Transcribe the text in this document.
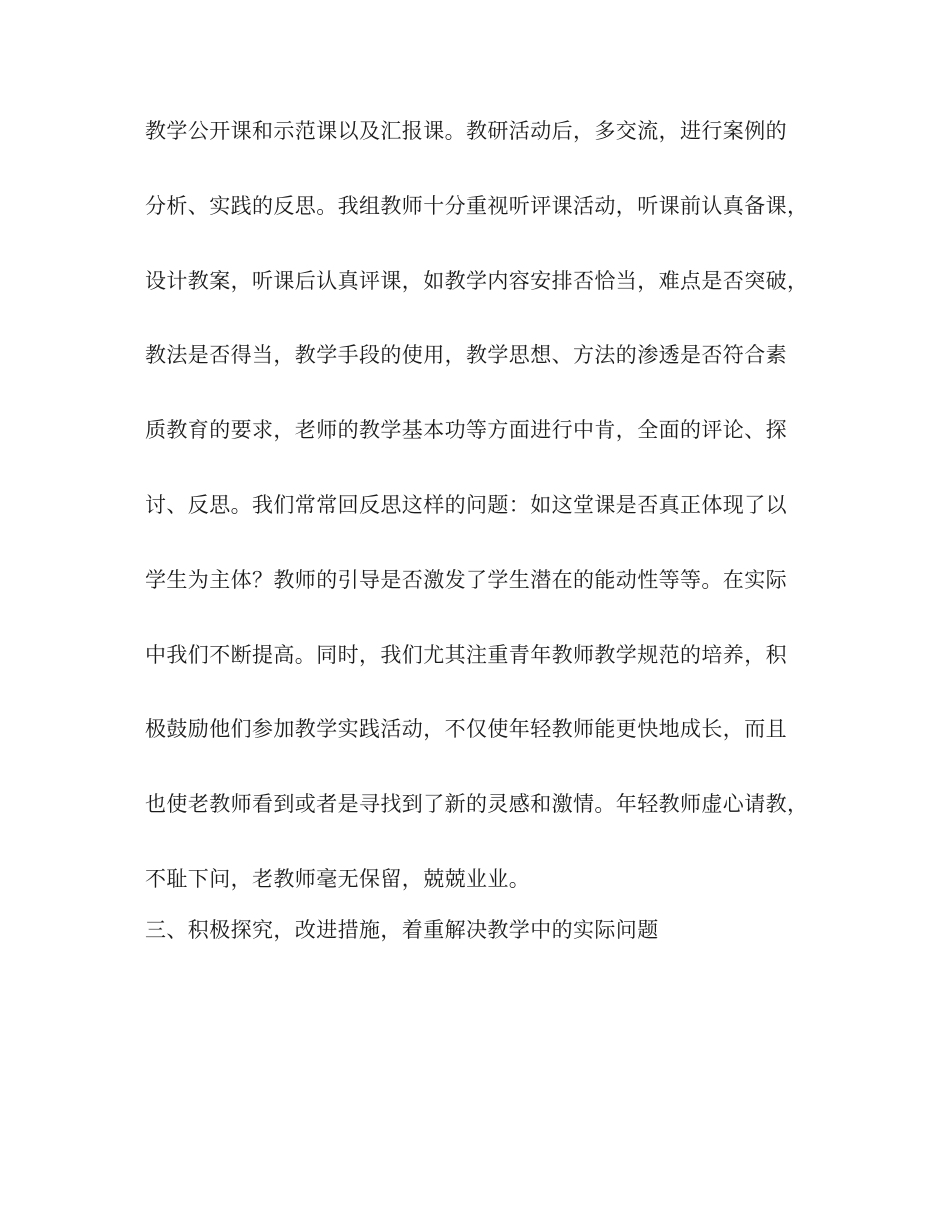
教学公开课和示范课以及汇报课。教研活动后，多交流，进行案例的

分析、实践的反思。我组教师十分重视听评课活动，听课前认真备课，

设计教案，听课后认真评课，如教学内容安排否恰当，难点是否突破，

教法是否得当，教学手段的使用，教学思想、方法的渗透是否符合素

质教育的要求，老师的教学基本功等方面进行中肯，全面的评论、探

讨、反思。我们常常回反思这样的问题：如这堂课是否真正体现了以

学生为主体？教师的引导是否激发了学生潜在的能动性等等。在实际

中我们不断提高。同时，我们尤其注重青年教师教学规范的培养，积

极鼓励他们参加教学实践活动，不仅使年轻教师能更快地成长，而且

也使老教师看到或者是寻找到了新的灵感和激情。年轻教师虚心请教，

不耻下问，老教师毫无保留，兢兢业业。

三、积极探究，改进措施，着重解决教学中的实际问题
